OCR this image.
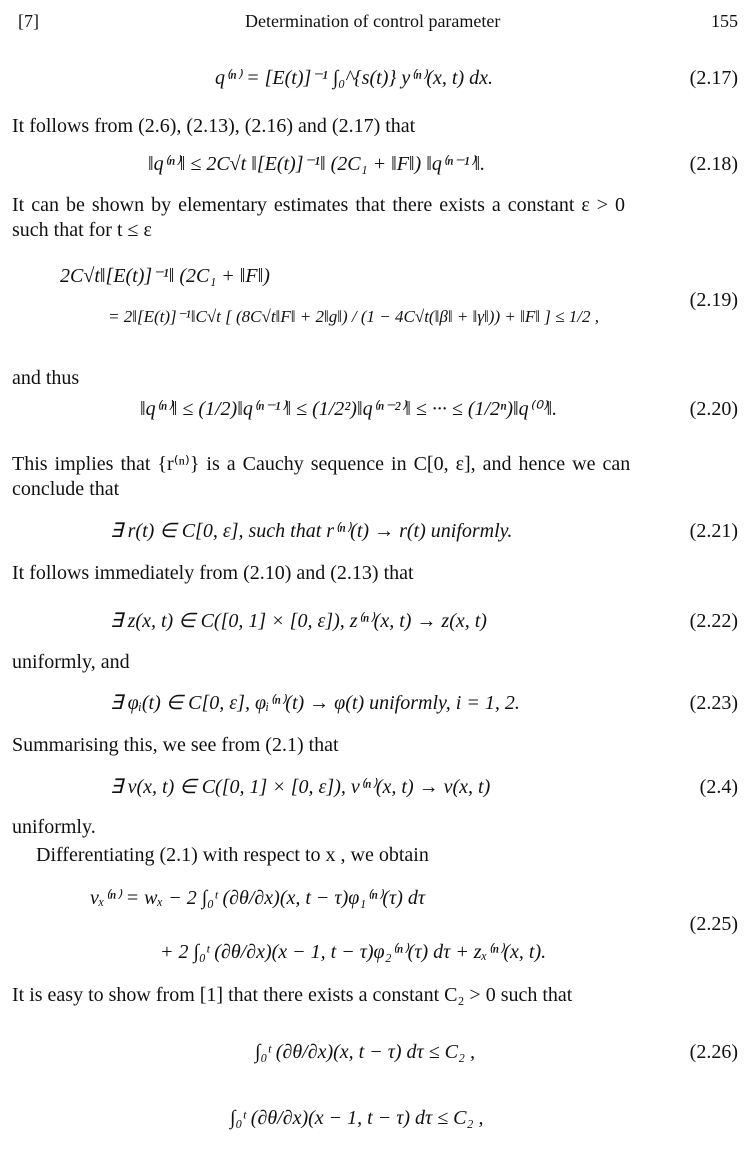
[7]	Determination of control parameter	155
q⁽ⁿ⁾ = [E(t)]⁻¹ ∫₀^{s(t)} y⁽ⁿ⁾(x, t) dx.	(2.17)
It follows from (2.6), (2.13), (2.16) and (2.17) that
‖q⁽ⁿ⁾‖ ≤ 2C√t ‖[E(t)]⁻¹‖ (2C₁ + ‖F‖) ‖q⁽ⁿ⁻¹⁾‖.	(2.18)
It can be shown by elementary estimates that there exists a constant ε > 0
such that for t ≤ ε
2C√t‖[E(t)]⁻¹‖ (2C₁ + ‖F‖)
= 2‖[E(t)]⁻¹‖C√t [ (8C√t‖F‖ + 2‖g‖) / (1 − 4C√t(‖β‖ + ‖γ‖)) + ‖F‖ ] ≤ 1/2 ,
(2.19)
and thus
‖q⁽ⁿ⁾‖ ≤ (1/2)‖q⁽ⁿ⁻¹⁾‖ ≤ (1/2²)‖q⁽ⁿ⁻²⁾‖ ≤ ··· ≤ (1/2ⁿ)‖q⁽⁰⁾‖.	(2.20)
This implies that {r⁽ⁿ⁾} is a Cauchy sequence in C[0, ε], and hence we can
conclude that
∃ r(t) ∈ C[0, ε], such that r⁽ⁿ⁾(t) → r(t) uniformly.	(2.21)
It follows immediately from (2.10) and (2.13) that
∃ z(x, t) ∈ C([0, 1] × [0, ε]), z⁽ⁿ⁾(x, t) → z(x, t)	(2.22)
uniformly, and
∃ φᵢ(t) ∈ C[0, ε], φᵢ⁽ⁿ⁾(t) → φ(t) uniformly, i = 1, 2.	(2.23)
Summarising this, we see from (2.1) that
∃ v(x, t) ∈ C([0, 1] × [0, ε]), v⁽ⁿ⁾(x, t) → v(x, t)	(2.4)
uniformly.
Differentiating (2.1) with respect to x , we obtain
vₓ⁽ⁿ⁾ = wₓ − 2 ∫₀ᵗ (∂θ/∂x)(x, t − τ)φ₁⁽ⁿ⁾(τ) dτ
+ 2 ∫₀ᵗ (∂θ/∂x)(x − 1, t − τ)φ₂⁽ⁿ⁾(τ) dτ + zₓ⁽ⁿ⁾(x, t).
(2.25)
It is easy to show from [1] that there exists a constant C₂ > 0 such that
∫₀ᵗ (∂θ/∂x)(x, t − τ) dτ ≤ C₂ ,	(2.26)
∫₀ᵗ (∂θ/∂x)(x − 1, t − τ) dτ ≤ C₂ ,
